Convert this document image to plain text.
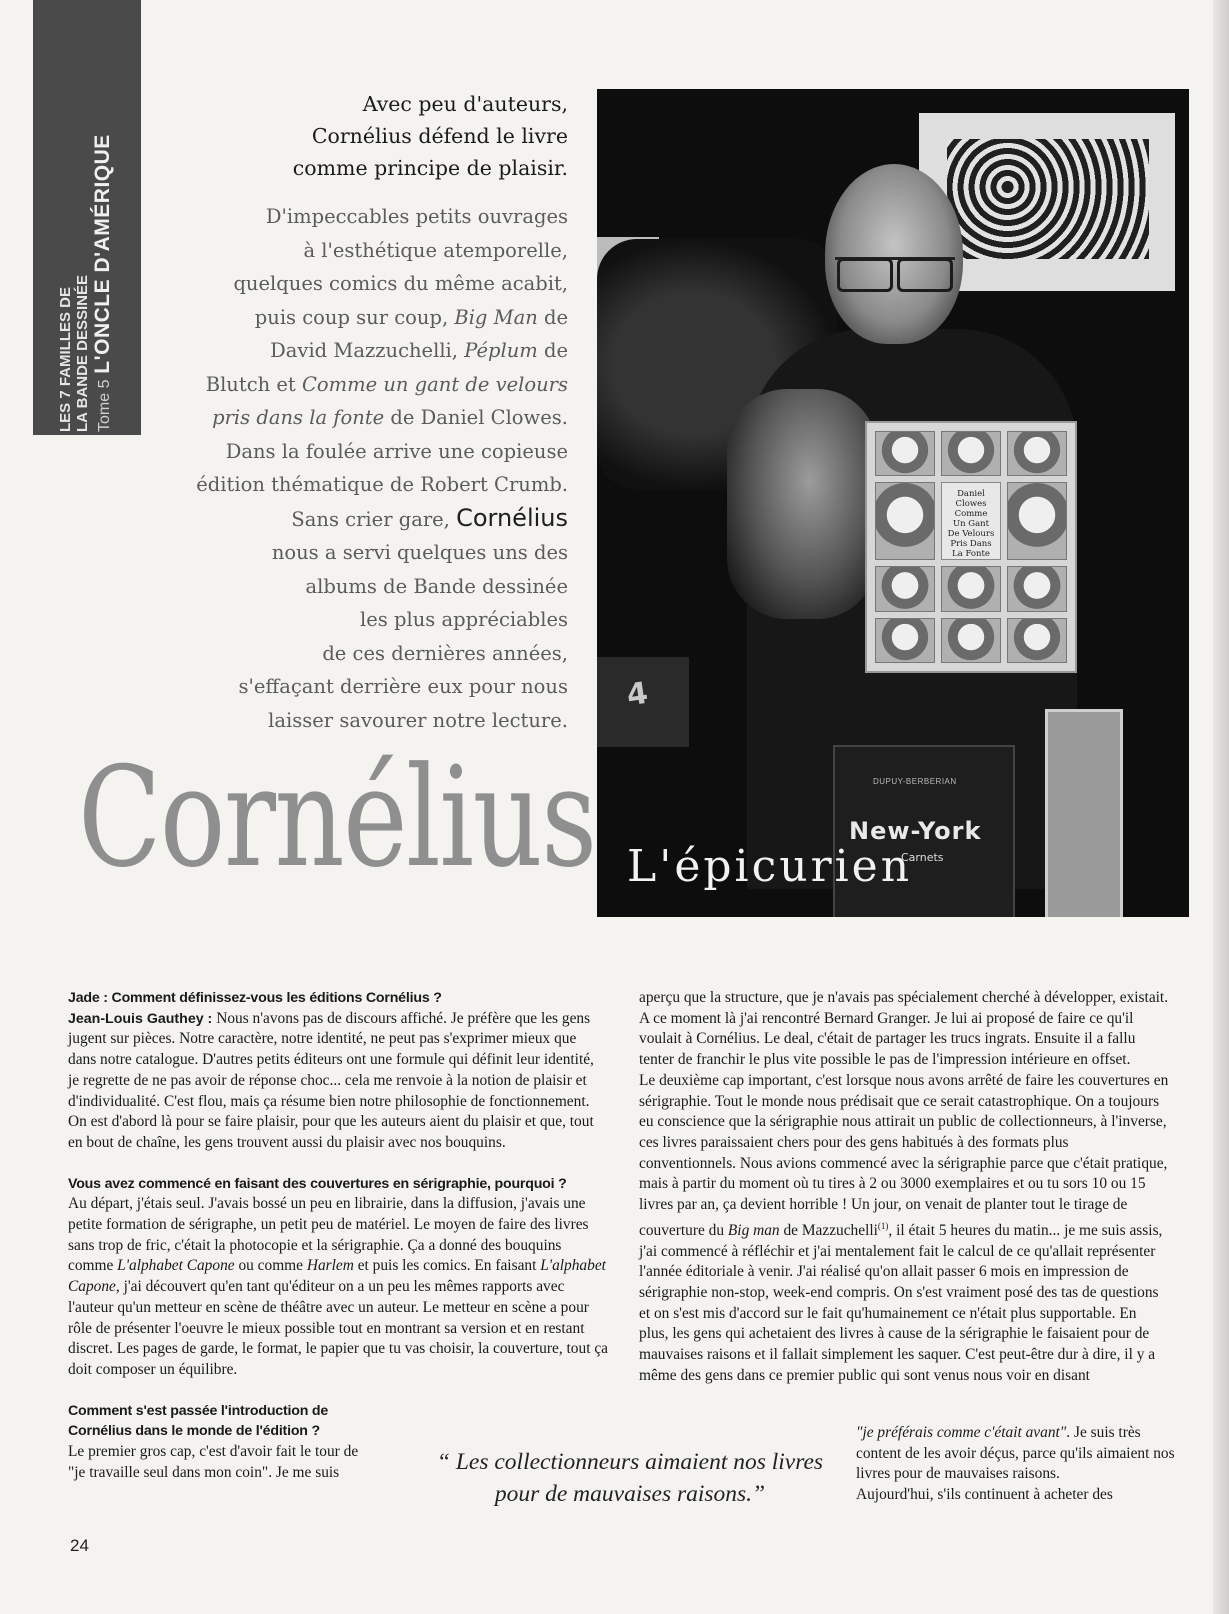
LES 7 FAMILLES DE LA BANDE DESSINÉE Tome 5 L'ONCLE D'AMÉRIQUE
Avec peu d'auteurs,
Cornélius défend le livre
comme principe de plaisir.
D'impeccables petits ouvrages
à l'esthétique atemporelle,
quelques comics du même acabit,
puis coup sur coup, Big Man de
David Mazzuchelli, Péplum de
Blutch et Comme un gant de velours
pris dans la fonte de Daniel Clowes.
Dans la foulée arrive une copieuse
édition thématique de Robert Crumb.
Sans crier gare, Cornélius
nous a servi quelques uns des
albums de Bande dessinée
les plus appréciables
de ces dernières années,
s'effaçant derrière eux pour nous
laisser savourer notre lecture.
Daniel Clowes
Comme
Un Gant
De Velours
Pris Dans
La Fonte
4
DUPUY-BERBERIAN
New-York
Carnets
L'épicurien
Cornélius

Jade : Comment définissez-vous les éditions Cornélius ?

Jean-Louis Gauthey : Nous n'avons pas de discours affiché. Je préfère que les gens jugent sur pièces. Notre caractère, notre identité, ne peut pas s'exprimer mieux que dans notre catalogue. D'autres petits éditeurs ont une formule qui définit leur identité, je regrette de ne pas avoir de réponse choc... cela me renvoie à la notion de plaisir et d'individualité. C'est flou, mais ça résume bien notre philosophie de fonctionnement. On est d'abord là pour se faire plaisir, pour que les auteurs aient du plaisir et que, tout en bout de chaîne, les gens trouvent aussi du plaisir avec nos bouquins.

Vous avez commencé en faisant des couvertures en sérigraphie, pourquoi ?

Au départ, j'étais seul. J'avais bossé un peu en librairie, dans la diffusion, j'avais une petite formation de sérigraphe, un petit peu de matériel. Le moyen de faire des livres sans trop de fric, c'était la photocopie et la sérigraphie. Ça a donné des bouquins comme L'alphabet Capone ou comme Harlem et puis les comics. En faisant L'alphabet Capone, j'ai découvert qu'en tant qu'éditeur on a un peu les mêmes rapports avec l'auteur qu'un metteur en scène de théâtre avec un auteur. Le metteur en scène a pour rôle de présenter l'oeuvre le mieux possible tout en montrant sa version et en restant discret. Les pages de garde, le format, le papier que tu vas choisir, la couverture, tout ça doit composer un équilibre.

Comment s'est passée l'introduction de Cornélius dans le monde de l'édition ?

Le premier gros cap, c'est d'avoir fait le tour de "je travaille seul dans mon coin". Je me suis

aperçu que la structure, que je n'avais pas spécialement cherché à développer, existait. A ce moment là j'ai rencontré Bernard Granger. Je lui ai proposé de faire ce qu'il voulait à Cornélius. Le deal, c'était de partager les trucs ingrats. Ensuite il a fallu tenter de franchir le plus vite possible le pas de l'impression intérieure en offset.

Le deuxième cap important, c'est lorsque nous avons arrêté de faire les couvertures en sérigraphie. Tout le monde nous prédisait que ce serait catastrophique. On a toujours eu conscience que la sérigraphie nous attirait un public de collectionneurs, à l'inverse, ces livres paraissaient chers pour des gens habitués à des formats plus conventionnels. Nous avions commencé avec la sérigraphie parce que c'était pratique, mais à partir du moment où tu tires à 2 ou 3000 exemplaires et ou tu sors 10 ou 15 livres par an, ça devient horrible ! Un jour, on venait de planter tout le tirage de couverture du Big man de Mazzuchelli$^{(1)}$, il était 5 heures du matin... je me suis assis, j'ai commencé à réfléchir et j'ai mentalement fait le calcul de ce qu'allait représenter l'année éditoriale à venir. J'ai réalisé qu'on allait passer 6 mois en impression de sérigraphie non-stop, week-end compris. On s'est vraiment posé des tas de questions et on s'est mis d'accord sur le fait qu'humainement ce n'était plus supportable. En plus, les gens qui achetaient des livres à cause de la sérigraphie le faisaient pour de mauvaises raisons et il fallait simplement les saquer. C'est peut-être dur à dire, il y a même des gens dans ce premier public qui sont venus nous voir en disant

“ Les collectionneurs aimaient nos livres pour de mauvaises raisons.”

"je préférais comme c'était avant". Je suis très content de les avoir déçus, parce qu'ils aimaient nos livres pour de mauvaises raisons.

Aujourd'hui, s'ils continuent à acheter des

24
